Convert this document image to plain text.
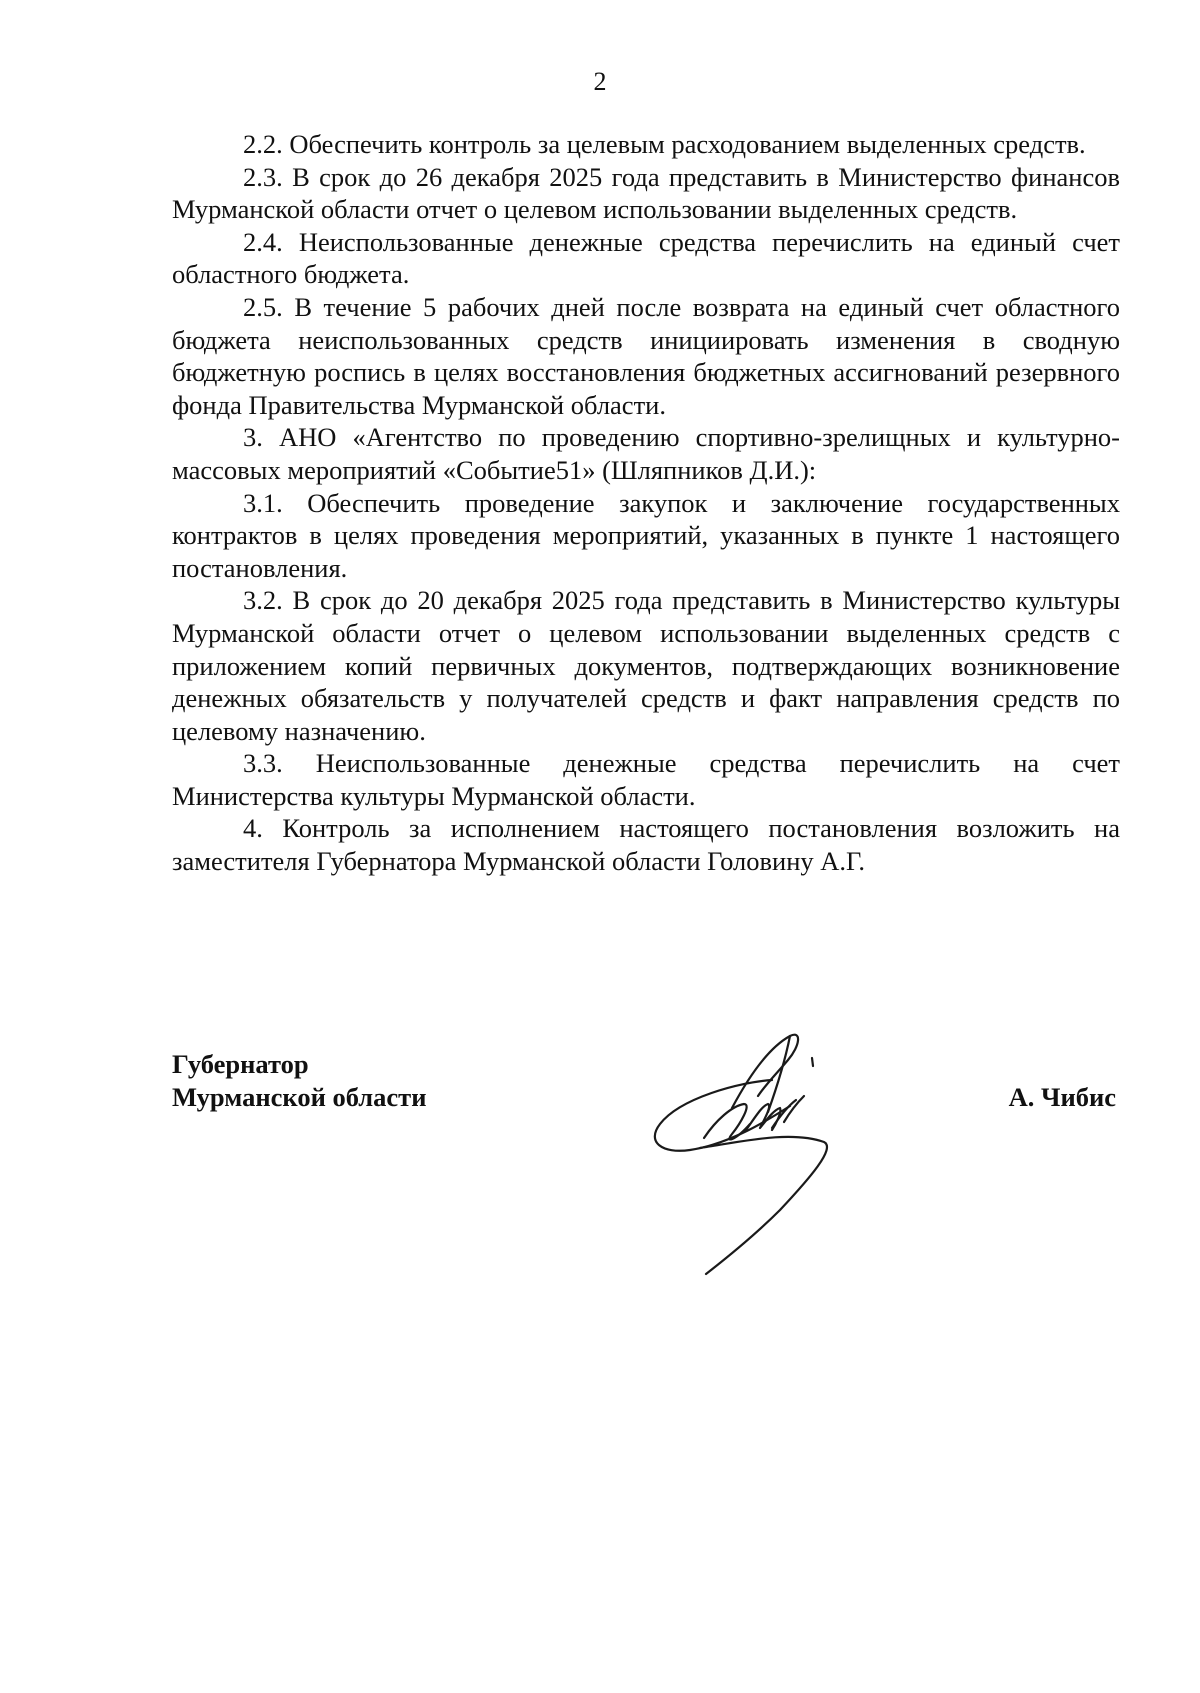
2

2.2. Обеспечить контроль за целевым расходованием выделенных средств.

2.3. В срок до 26 декабря 2025 года представить в Министерство финансов Мурманской области отчет о целевом использовании выделенных средств.

2.4. Неиспользованные денежные средства перечислить на единый счет областного бюджета.

2.5. В течение 5 рабочих дней после возврата на единый счет областного бюджета неиспользованных средств инициировать изменения в сводную бюджетную роспись в целях восстановления бюджетных ассигнований резервного фонда Правительства Мурманской области.

3. АНО «Агентство по проведению спортивно-зрелищных и культурно-массовых мероприятий «Событие51» (Шляпников Д.И.):

3.1. Обеспечить проведение закупок и заключение государственных контрактов в целях проведения мероприятий, указанных в пункте 1 настоящего постановления.

3.2. В срок до 20 декабря 2025 года представить в Министерство культуры Мурманской области отчет о целевом использовании выделенных средств с приложением копий первичных документов, подтверждающих возникновение денежных обязательств у получателей средств и факт направления средств по целевому назначению.

3.3. Неиспользованные денежные средства перечислить на счет Министерства культуры Мурманской области.

4. Контроль за исполнением настоящего постановления возложить на заместителя Губернатора Мурманской области Головину А.Г.

Губернатор
Мурманской области	А. Чибис
